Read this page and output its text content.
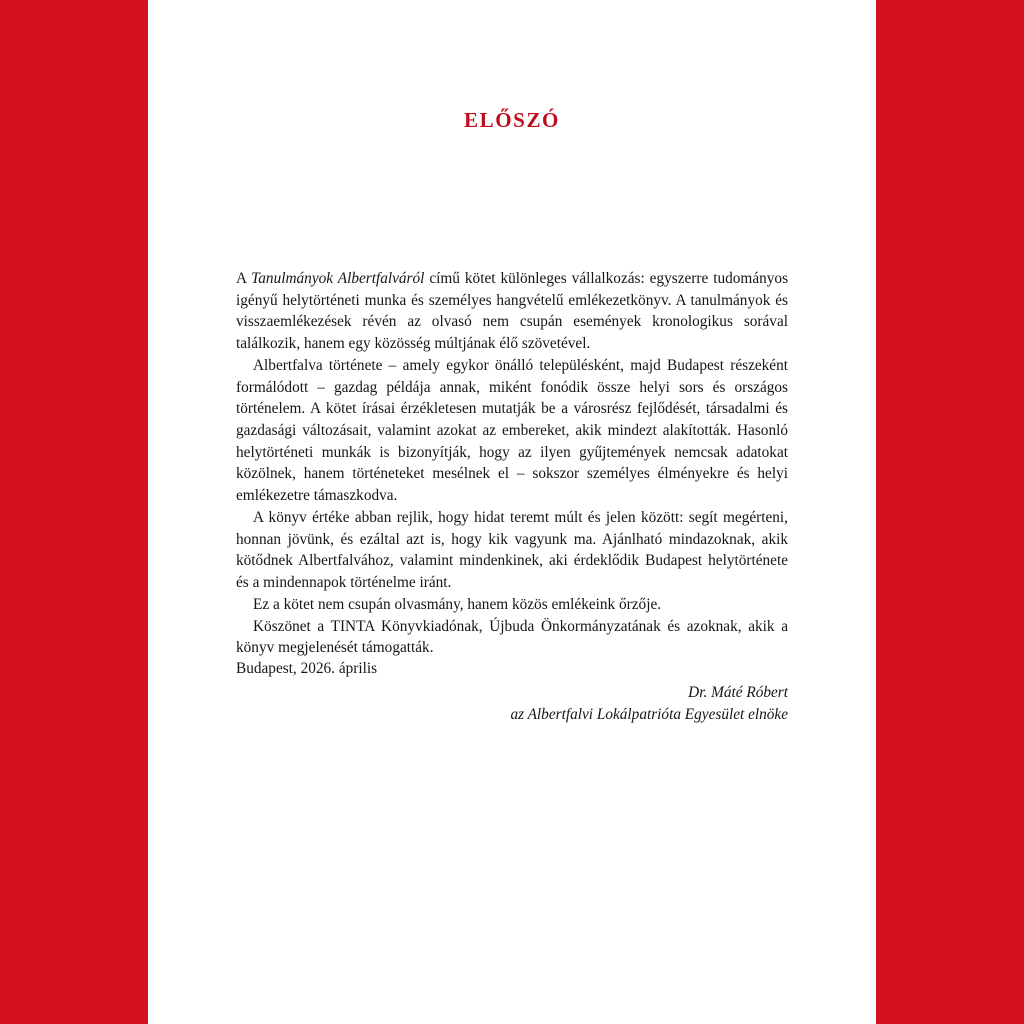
ELŐSZÓ

A Tanulmányok Albertfalváról című kötet különleges vállalkozás: egyszerre tudományos igényű helytörténeti munka és személyes hangvételű emlékezetkönyv. A tanulmányok és visszaemlékezések révén az olvasó nem csupán események kronologikus sorával találkozik, hanem egy közösség múltjának élő szövetével.

Albertfalva története – amely egykor önálló településként, majd Budapest részeként formálódott – gazdag példája annak, miként fonódik össze helyi sors és országos történelem. A kötet írásai érzékletesen mutatják be a városrész fejlődését, társadalmi és gazdasági változásait, valamint azokat az embereket, akik mindezt alakították. Hasonló helytörténeti munkák is bizonyítják, hogy az ilyen gyűjtemények nemcsak adatokat közölnek, hanem történeteket mesélnek el – sokszor személyes élményekre és helyi emlékezetre támaszkodva.

A könyv értéke abban rejlik, hogy hidat teremt múlt és jelen között: segít megérteni, honnan jövünk, és ezáltal azt is, hogy kik vagyunk ma. Ajánlható mindazoknak, akik kötődnek Albertfalvához, valamint mindenkinek, aki érdeklődik Budapest helytörténete és a mindennapok történelme iránt.

Ez a kötet nem csupán olvasmány, hanem közös emlékeink őrzője.

Köszönet a TINTA Könyvkiadónak, Újbuda Önkormányzatának és azoknak, akik a könyv megjelenését támogatták.

Budapest, 2026. április
Dr. Máté Róbert
az Albertfalvi Lokálpatrióta Egyesület elnöke
